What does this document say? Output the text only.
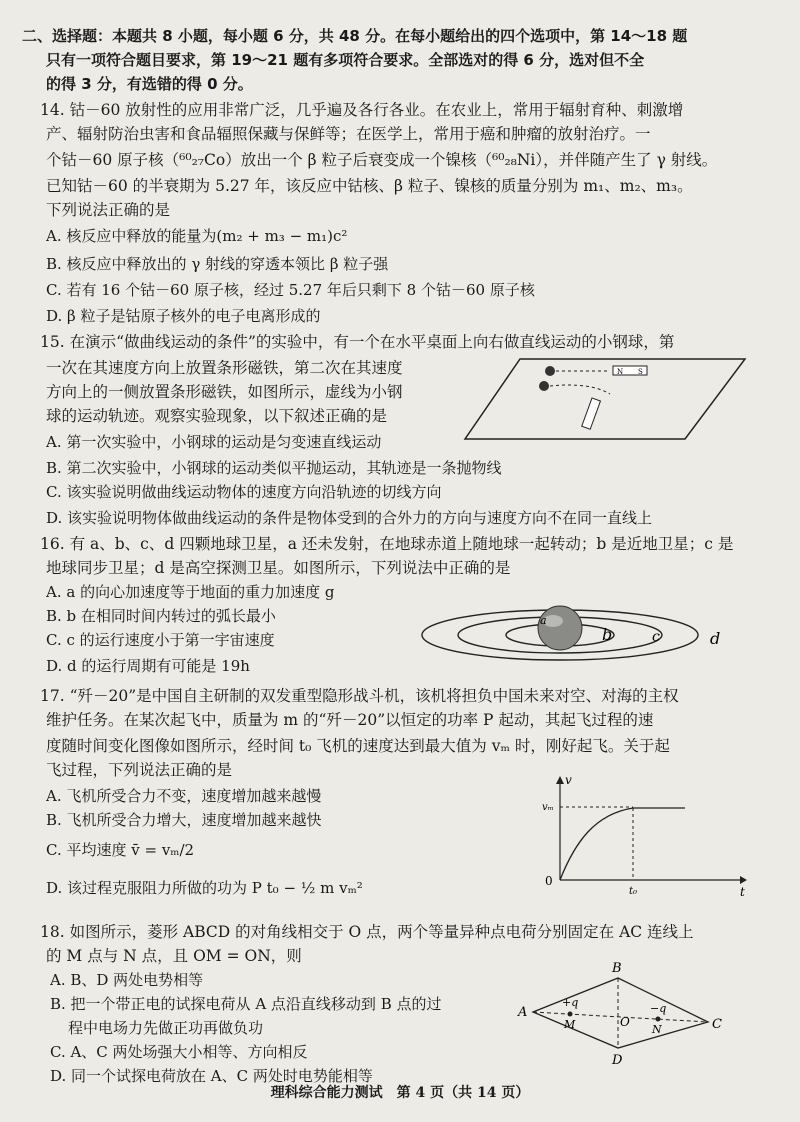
二、选择题：本题共 8 小题，每小题 6 分，共 48 分。在每小题给出的四个选项中，第 14～18 题
只有一项符合题目要求，第 19～21 题有多项符合要求。全部选对的得 6 分，选对但不全
的得 3 分，有选错的得 0 分。
14. 钴－60 放射性的应用非常广泛，几乎遍及各行各业。在农业上，常用于辐射育种、刺激增
产、辐射防治虫害和食品辐照保藏与保鲜等；在医学上，常用于癌和肿瘤的放射治疗。一
个钴－60 原子核（⁶⁰₂₇Co）放出一个 β 粒子后衰变成一个镍核（⁶⁰₂₈Ni），并伴随产生了 γ 射线。
已知钴－60 的半衰期为 5.27 年，该反应中钴核、β 粒子、镍核的质量分别为 m₁、m₂、m₃。
下列说法正确的是
A. 核反应中释放的能量为(m₂ + m₃ − m₁)c²
B. 核反应中释放出的 γ 射线的穿透本领比 β 粒子强
C. 若有 16 个钴－60 原子核，经过 5.27 年后只剩下 8 个钴－60 原子核
D. β 粒子是钴原子核外的电子电离形成的
15. 在演示“做曲线运动的条件”的实验中，有一个在水平桌面上向右做直线运动的小钢球，第
一次在其速度方向上放置条形磁铁，第二次在其速度
方向上的一侧放置条形磁铁，如图所示，虚线为小钢
球的运动轨迹。观察实验现象，以下叙述正确的是
A. 第一次实验中，小钢球的运动是匀变速直线运动
B. 第二次实验中，小钢球的运动类似平抛运动，其轨迹是一条抛物线
C. 该实验说明做曲线运动物体的速度方向沿轨迹的切线方向
D. 该实验说明物体做曲线运动的条件是物体受到的合外力的方向与速度方向不在同一直线上
N S
16. 有 a、b、c、d 四颗地球卫星，a 还未发射，在地球赤道上随地球一起转动；b 是近地卫星；c 是
地球同步卫星；d 是高空探测卫星。如图所示，下列说法中正确的是
A. a 的向心加速度等于地面的重力加速度 g
B. b 在相同时间内转过的弧长最小
C. c 的运行速度小于第一宇宙速度
D. d 的运行周期有可能是 19h
a
b	c	d
17. “歼－20”是中国自主研制的双发重型隐形战斗机，该机将担负中国未来对空、对海的主权
维护任务。在某次起飞中，质量为 m 的“歼－20”以恒定的功率 P 起动，其起飞过程的速
度随时间变化图像如图所示，经时间 t₀ 飞机的速度达到最大值为 vₘ 时，刚好起飞。关于起
飞过程，下列说法正确的是
A. 飞机所受合力不变，速度增加越来越慢
B. 飞机所受合力增大，速度增加越来越快
C. 平均速度 v̄ = vₘ/2
D. 该过程克服阻力所做的功为 P t₀ − ½ m vₘ²
v
t
vₘ
t₀
0
18. 如图所示，菱形 ABCD 的对角线相交于 O 点，两个等量异种点电荷分别固定在 AC 连线上
的 M 点与 N 点，且 OM = ON，则
A. B、D 两处电势相等
B. 把一个带正电的试探电荷从 A 点沿直线移动到 B 点的过
程中电场力先做正功再做负功
C. A、C 两处场强大小相等、方向相反
D. 同一个试探电荷放在 A、C 两处时电势能相等
A
B
C
D
O
M	N
+q	−q
理科综合能力测试　第 4 页（共 14 页）
